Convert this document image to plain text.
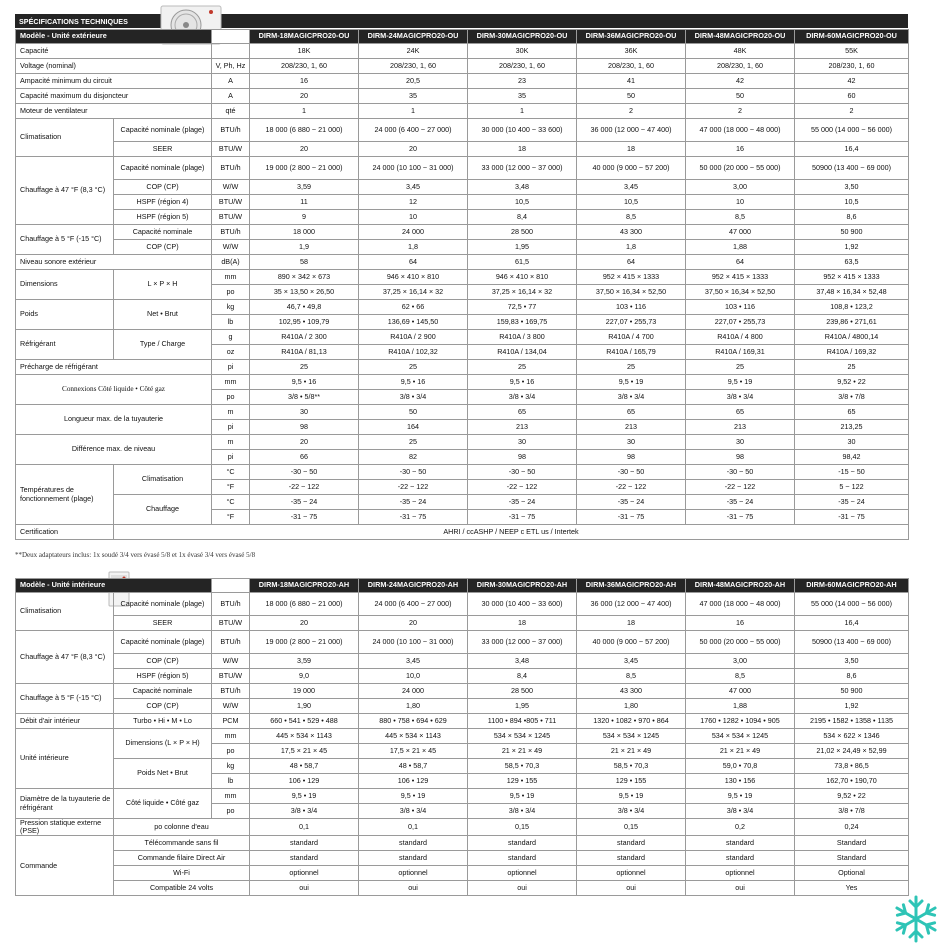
SPÉCIFICATIONS TECHNIQUES
Modèle - Unité extérieure			DIRM-18MAGICPRO20-OU	DIRM-24MAGICPRO20-OU	DIRM-30MAGICPRO20-OU	DIRM-36MAGICPRO20-OU	DIRM-48MAGICPRO20-OU	DIRM-60MAGICPRO20-OU
Capacité			18K	24K	30K	36K	48K	55K
Voltage (nominal)		V, Ph, Hz	208/230, 1, 60	208/230, 1, 60	208/230, 1, 60	208/230, 1, 60	208/230, 1, 60	208/230, 1, 60
Ampacité minimum du circuit		A	16	20,5	23	41	42	42
Capacité maximum du disjoncteur		A	20	35	35	50	50	60
Moteur de ventilateur		qté	1	1	1	2	2	2
Climatisation	Capacité nominale (plage)	BTU/h	18 000 (6 880 ~ 21 000)	24 000 (6 400 ~ 27 000)	30 000 (10 400 ~ 33 600)	36 000 (12 000 ~ 47 400)	47 000 (18 000 ~ 48 000)	55 000 (14 000 ~ 56 000)
	SEER	BTU/W	20	20	18	18	16	16,4
Chauffage à 47 °F (8,3 °C)	Capacité nominale (plage)	BTU/h	19 000 (2 800 ~ 21 000)	24 000 (10 100 ~ 31 000)	33 000 (12 000 ~ 37 000)	40 000 (9 000 ~ 57 200)	50 000 (20 000 ~ 55 000)	50900 (13 400 ~ 69 000)
	COP (CP)	W/W	3,59	3,45	3,48	3,45	3,00	3,50
	HSPF (région 4)	BTU/W	11	12	10,5	10,5	10	10,5
	HSPF (région 5)	BTU/W	9	10	8,4	8,5	8,5	8,6
Chauffage à 5 °F (-15 °C)	Capacité nominale	BTU/h	18 000	24 000	28 500	43 300	47 000	50 900
	COP (CP)	W/W	1,9	1,8	1,95	1,8	1,88	1,92
Niveau sonore extérieur		dB(A)	58	64	61,5	64	64	63,5
Dimensions	L × P × H	mm	890 × 342 × 673	946 × 410 × 810	946 × 410 × 810	952 × 415 × 1333	952 × 415 × 1333	952 × 415 × 1333
		po	35 × 13,50 × 26,50	37,25 × 16,14 × 32	37,25 × 16,14 × 32	37,50 × 16,34 × 52,50	37,50 × 16,34 × 52,50	37,48 × 16,34 × 52,48
Poids	Net • Brut	kg	46,7 • 49,8	62 • 66	72,5 • 77	103 • 116	103 • 116	108,8 • 123,2
		lb	102,95 • 109,79	136,69 • 145,50	159,83 • 169,75	227,07 • 255,73	227,07 • 255,73	239,86 • 271,61
Réfrigérant	Type / Charge	g	R410A / 2 300	R410A / 2 900	R410A / 3 800	R410A / 4 700	R410A / 4 800	R410A / 4800,14
		oz	R410A / 81,13	R410A / 102,32	R410A / 134,04	R410A / 165,79	R410A / 169,31	R410A / 169,32
Précharge de réfrigérant		pi	25	25	25	25	25	25
Connexions Côté liquide • Côté gaz		mm	9,5 • 16	9,5 • 16	9,5 • 16	9,5 • 19	9,5 • 19	9,52 • 22
		po	3/8 • 5/8**	3/8 • 3/4	3/8 • 3/4	3/8 • 3/4	3/8 • 3/4	3/8 • 7/8
Longueur max. de la tuyauterie		m	30	50	65	65	65	65
		pi	98	164	213	213	213	213,25
Différence max. de niveau		m	20	25	30	30	30	30
		pi	66	82	98	98	98	98,42
Températures de fonctionnement (plage)	Climatisation	°C	-30 ~ 50	-30 ~ 50	-30 ~ 50	-30 ~ 50	-30 ~ 50	-15 ~ 50
		°F	-22 ~ 122	-22 ~ 122	-22 ~ 122	-22 ~ 122	-22 ~ 122	5 ~ 122
	Chauffage	°C	-35 ~ 24	-35 ~ 24	-35 ~ 24	-35 ~ 24	-35 ~ 24	-35 ~ 24
		°F	-31 ~ 75	-31 ~ 75	-31 ~ 75	-31 ~ 75	-31 ~ 75	-31 ~ 75
Certification	AHRI / ccASHP / NEEP c ETL us / Intertek							
**Deux adaptateurs inclus: 1x soudé 3/4 vers évasé 5/8 et 1x évasé 3/4 vers évasé 5/8
Modèle - Unité intérieure			DIRM-18MAGICPRO20-AH	DIRM-24MAGICPRO20-AH	DIRM-30MAGICPRO20-AH	DIRM-36MAGICPRO20-AH	DIRM-48MAGICPRO20-AH	DIRM-60MAGICPRO20-AH
Climatisation	Capacité nominale (plage)	BTU/h	18 000 (6 880 ~ 21 000)	24 000 (6 400 ~ 27 000)	30 000 (10 400 ~ 33 600)	36 000 (12 000 ~ 47 400)	47 000 (18 000 ~ 48 000)	55 000 (14 000 ~ 56 000)
	SEER	BTU/W	20	20	18	18	16	16,4
Chauffage à 47 °F (8,3 °C)	Capacité nominale (plage)	BTU/h	19 000 (2 800 ~ 21 000)	24 000 (10 100 ~ 31 000)	33 000 (12 000 ~ 37 000)	40 000 (9 000 ~ 57 200)	50 000 (20 000 ~ 55 000)	50900 (13 400 ~ 69 000)
	COP (CP)	W/W	3,59	3,45	3,48	3,45	3,00	3,50
	HSPF (région 5)	BTU/W	9,0	10,0	8,4	8,5	8,5	8,6
Chauffage à 5 °F (-15 °C)	Capacité nominale	BTU/h	19 000	24 000	28 500	43 300	47 000	50 900
	COP (CP)	W/W	1,90	1,80	1,95	1,80	1,88	1,92
Débit d'air intérieur	Turbo • Hi • M • Lo	PCM	660 • 541 • 529 • 488	880 • 758 • 694 • 629	1100 • 894 •805 • 711	1320 • 1082 • 970 • 864	1760 • 1282 • 1094 • 905	2195 • 1582 • 1358 • 1135
Unité intérieure	Dimensions (L × P × H)	mm	445 × 534 × 1143	445 × 534 × 1143	534 × 534 × 1245	534 × 534 × 1245	534 × 534 × 1245	534 × 622 × 1346
		po	17,5 × 21 × 45	17,5 × 21 × 45	21 × 21 × 49	21 × 21 × 49	21 × 21 × 49	21,02 × 24,49 × 52,99
	Poids Net • Brut	kg	48 • 58,7	48 • 58,7	58,5 • 70,3	58,5 • 70,3	59,0 • 70,8	73,8 • 86,5
		lb	106 • 129	106 • 129	129 • 155	129 • 155	130 • 156	162,70 • 190,70
Diamètre de la tuyauterie de réfrigérant	Côté liquide • Côté gaz	mm	9,5 • 19	9,5 • 19	9,5 • 19	9,5 • 19	9,5 • 19	9,52 • 22
		po	3/8 • 3/4	3/8 • 3/4	3/8 • 3/4	3/8 • 3/4	3/8 • 3/4	3/8 • 7/8
Pression statique externe (PSE)	po colonne d'eau		0,1	0,1	0,15	0,15	0,2	0,24
Commande	Télécommande sans fil		standard	standard	standard	standard	standard	Standard
	Commande filaire Direct Air		standard	standard	standard	standard	standard	Standard
	Wi-Fi		optionnel	optionnel	optionnel	optionnel	optionnel	Optional
	Compatible 24 volts		oui	oui	oui	oui	oui	Yes
